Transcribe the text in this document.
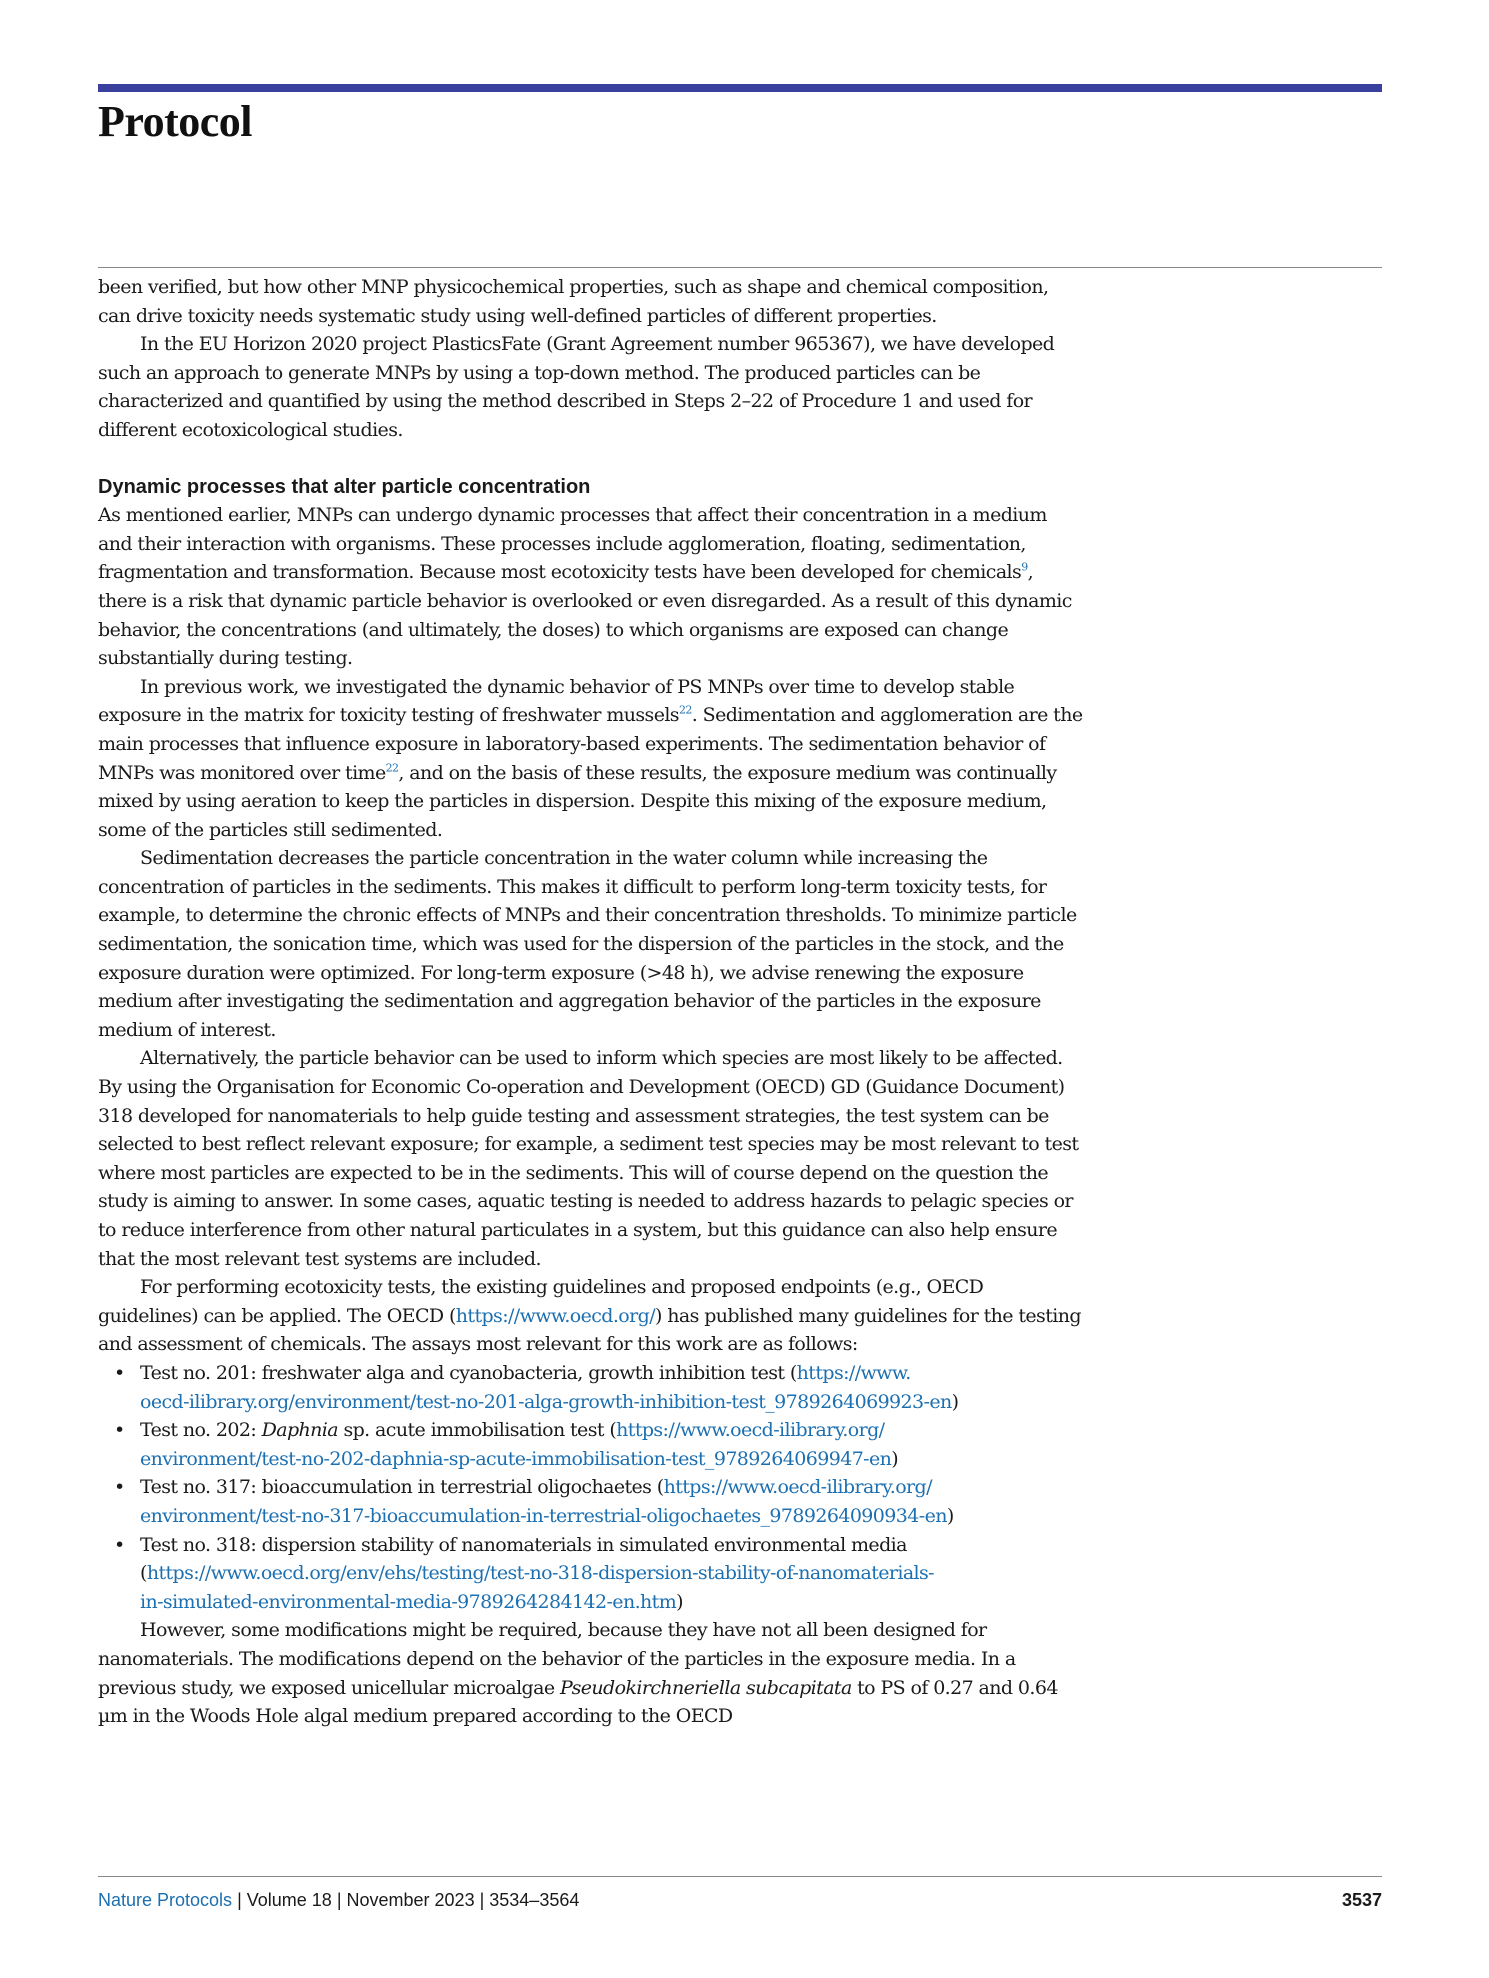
Protocol

been verified, but how other MNP physicochemical properties, such as shape and chemical composition, can drive toxicity needs systematic study using well-defined particles of different properties.

In the EU Horizon 2020 project PlasticsFate (Grant Agreement number 965367), we have developed such an approach to generate MNPs by using a top-down method. The produced particles can be characterized and quantified by using the method described in Steps 2–22 of Procedure 1 and used for different ecotoxicological studies.

Dynamic processes that alter particle concentration

As mentioned earlier, MNPs can undergo dynamic processes that affect their concentration in a medium and their interaction with organisms. These processes include agglomeration, floating, sedimentation, fragmentation and transformation. Because most ecotoxicity tests have been developed for chemicals$^9$, there is a risk that dynamic particle behavior is overlooked or even disregarded. As a result of this dynamic behavior, the concentrations (and ultimately, the doses) to which organisms are exposed can change substantially during testing.

In previous work, we investigated the dynamic behavior of PS MNPs over time to develop stable exposure in the matrix for toxicity testing of freshwater mussels$^{22}$. Sedimentation and agglomeration are the main processes that influence exposure in laboratory-based experiments. The sedimentation behavior of MNPs was monitored over time$^{22}$, and on the basis of these results, the exposure medium was continually mixed by using aeration to keep the particles in dispersion. Despite this mixing of the exposure medium, some of the particles still sedimented.

Sedimentation decreases the particle concentration in the water column while increasing the concentration of particles in the sediments. This makes it difficult to perform long-term toxicity tests, for example, to determine the chronic effects of MNPs and their concentration thresholds. To minimize particle sedimentation, the sonication time, which was used for the dispersion of the particles in the stock, and the exposure duration were optimized. For long-term exposure (>48 h), we advise renewing the exposure medium after investigating the sedimentation and aggregation behavior of the particles in the exposure medium of interest.

Alternatively, the particle behavior can be used to inform which species are most likely to be affected. By using the Organisation for Economic Co-operation and Development (OECD) GD (Guidance Document) 318 developed for nanomaterials to help guide testing and assessment strategies, the test system can be selected to best reflect relevant exposure; for example, a sediment test species may be most relevant to test where most particles are expected to be in the sediments. This will of course depend on the question the study is aiming to answer. In some cases, aquatic testing is needed to address hazards to pelagic species or to reduce interference from other natural particulates in a system, but this guidance can also help ensure that the most relevant test systems are included.

For performing ecotoxicity tests, the existing guidelines and proposed endpoints (e.g., OECD guidelines) can be applied. The OECD (https://www.oecd.org/) has published many guidelines for the testing and assessment of chemicals. The assays most relevant for this work are as follows:

• Test no. 201: freshwater alga and cyanobacteria, growth inhibition test (https://www.
oecd-ilibrary.org/environment/test-no-201-alga-growth-inhibition-test_9789264069923-en)
• Test no. 202: Daphnia sp. acute immobilisation test (https://www.oecd-ilibrary.org/
environment/test-no-202-daphnia-sp-acute-immobilisation-test_9789264069947-en)
• Test no. 317: bioaccumulation in terrestrial oligochaetes (https://www.oecd-ilibrary.org/
environment/test-no-317-bioaccumulation-in-terrestrial-oligochaetes_9789264090934-en)
• Test no. 318: dispersion stability of nanomaterials in simulated environmental media (https://www.oecd.org/env/ehs/testing/test-no-318-dispersion-stability-of-nanomaterials-
in-simulated-environmental-media-9789264284142-en.htm)

However, some modifications might be required, because they have not all been designed for nanomaterials. The modifications depend on the behavior of the particles in the exposure media. In a previous study, we exposed unicellular microalgae Pseudokirchneriella subcapitata to PS of 0.27 and 0.64 µm in the Woods Hole algal medium prepared according to the OECD

Nature Protocols | Volume 18 | November 2023 | 3534–3564	3537
